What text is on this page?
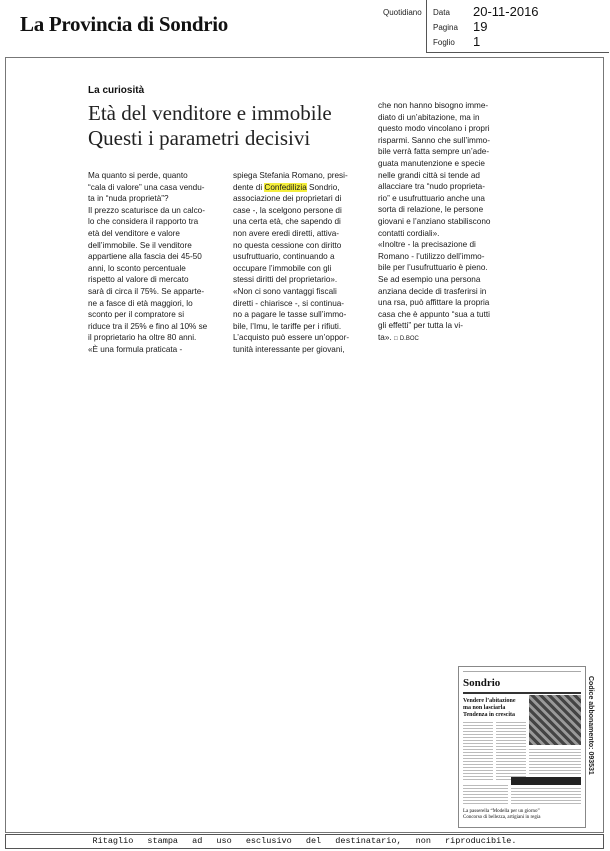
La Provincia di Sondrio	Quotidiano Data 20-11-2016
Pagina 19
Foglio 1
La curiosità
Età del venditore e immobile
Questi i parametri decisivi

Ma quanto si perde, quanto
“cala di valore” una casa vendu-
ta in “nuda proprietà”?
Il prezzo scaturisce da un calco-
lo che considera il rapporto tra
età del venditore e valore
dell’immobile. Se il venditore
appartiene alla fascia dei 45-50
anni, lo sconto percentuale
rispetto al valore di mercato
sarà di circa il 75%. Se apparte-
ne a fasce di età maggiori, lo
sconto per il compratore si
riduce tra il 25% e fino al 10% se
il proprietario ha oltre 80 anni.
«È una formula praticata -

spiega Stefania Romano, presi-
dente di Confedilizia Sondrio,
associazione dei proprietari di
case -, la scelgono persone di
una certa età, che sapendo di
non avere eredi diretti, attiva-
no questa cessione con diritto
usufruttuario, continuando a
occupare l’immobile con gli
stessi diritti del proprietario».
«Non ci sono vantaggi fiscali
diretti - chiarisce -, si continua-
no a pagare le tasse sull’immo-
bile, l’Imu, le tariffe per i rifiuti.
L’acquisto può essere un’oppor-
tunità interessante per giovani,

che non hanno bisogno imme-
diato di un’abitazione, ma in
questo modo vincolano i propri
risparmi. Sanno che sull’immo-
bile verrà fatta sempre un’ade-
guata manutenzione e specie
nelle grandi città si tende ad
allacciare tra “nudo proprieta-
rio” e usufruttuario anche una
sorta di relazione, le persone
giovani e l’anziano stabiliscono
contatti cordiali».
«Inoltre - la precisazione di
Romano - l’utilizzo dell’immo-
bile per l’usufruttuario è pieno.
Se ad esempio una persona
anziana decide di trasferirsi in
una rsa, può affittare la propria
casa che è appunto “sua a tutti
gli effetti” per tutta la vi-
ta». □ D.BOC

Sondrio
Vendere l’abitazione
ma non lasciarla
Tendenza in crescita
La passerella “Modella per un giorno”
Concorso di bellezza, artigiani in regia
Codice abbonamento: 093531
Ritaglio stampa ad uso esclusivo del destinatario, non riproducibile.
